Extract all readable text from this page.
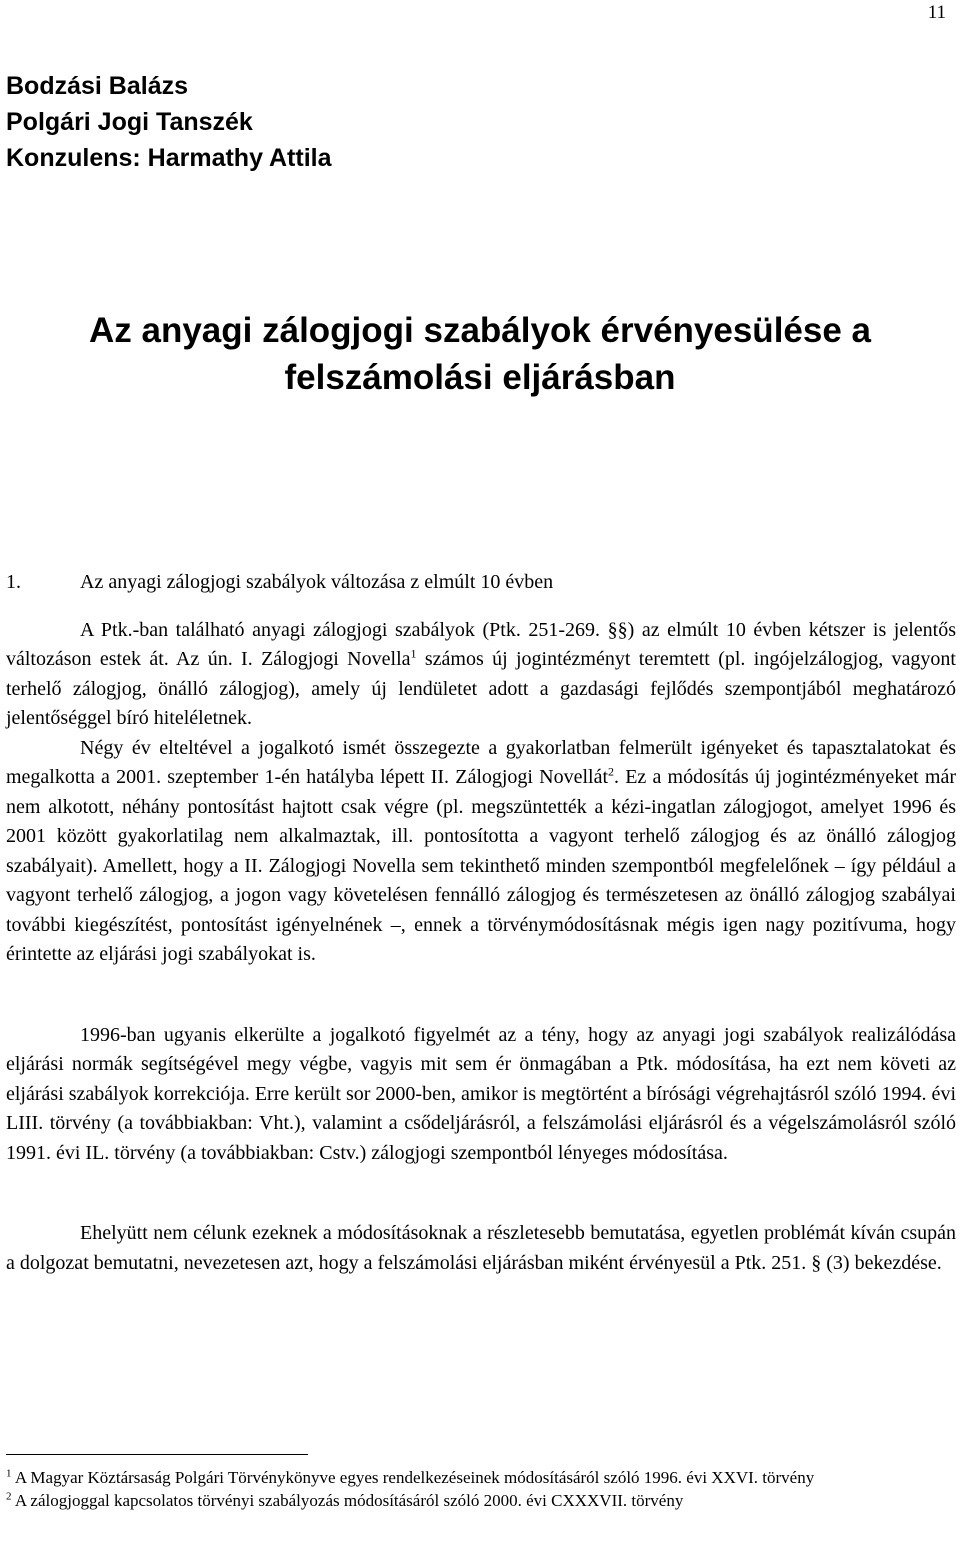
11
Bodzási Balázs
Polgári Jogi Tanszék
Konzulens: Harmathy Attila
Az anyagi zálogjogi szabályok érvényesülése a
felszámolási eljárásban
1.	Az anyagi zálogjogi szabályok változása z elmúlt 10 évben

A Ptk.-ban található anyagi zálogjogi szabályok (Ptk. 251-269. §§) az elmúlt 10 évben kétszer is jelentős változáson estek át. Az ún. I. Zálogjogi Novella$^1$ számos új jogintézményt teremtett (pl. ingójelzálogjog, vagyont terhelő zálogjog, önálló zálogjog), amely új lendületet adott a gazdasági fejlődés szempontjából meghatározó jelentőséggel bíró hiteléletnek.

Négy év elteltével a jogalkotó ismét összegezte a gyakorlatban felmerült igényeket és tapasztalatokat és megalkotta a 2001. szeptember 1-én hatályba lépett II. Zálogjogi Novellát$^2$. Ez a módosítás új jogintézményeket már nem alkotott, néhány pontosítást hajtott csak végre (pl. megszüntették a kézi-ingatlan zálogjogot, amelyet 1996 és 2001 között gyakorlatilag nem alkalmaztak, ill. pontosította a vagyont terhelő zálogjog és az önálló zálogjog szabályait). Amellett, hogy a II. Zálogjogi Novella sem tekinthető minden szempontból megfelelőnek – így például a vagyont terhelő zálogjog, a jogon vagy követelésen fennálló zálogjog és természetesen az önálló zálogjog szabályai további kiegészítést, pontosítást igényelnének –, ennek a törvénymódosításnak mégis igen nagy pozitívuma, hogy érintette az eljárási jogi szabályokat is.

1996-ban ugyanis elkerülte a jogalkotó figyelmét az a tény, hogy az anyagi jogi szabályok realizálódása eljárási normák segítségével megy végbe, vagyis mit sem ér önmagában a Ptk. módosítása, ha ezt nem követi az eljárási szabályok korrekciója. Erre került sor 2000-ben, amikor is megtörtént a bírósági végrehajtásról szóló 1994. évi LIII. törvény (a továbbiakban: Vht.), valamint a csődeljárásról, a felszámolási eljárásról és a végelszámolásról szóló 1991. évi IL. törvény (a továbbiakban: Cstv.) zálogjogi szempontból lényeges módosítása.

Ehelyütt nem célunk ezeknek a módosításoknak a részletesebb bemutatása, egyetlen problémát kíván csupán a dolgozat bemutatni, nevezetesen azt, hogy a felszámolási eljárásban miként érvényesül a Ptk. 251. § (3) bekezdése.

$^1$ A Magyar Köztársaság Polgári Törvénykönyve egyes rendelkezéseinek módosításáról szóló 1996. évi XXVI. törvény
$^2$ A zálogjoggal kapcsolatos törvényi szabályozás módosításáról szóló 2000. évi CXXXVII. törvény
